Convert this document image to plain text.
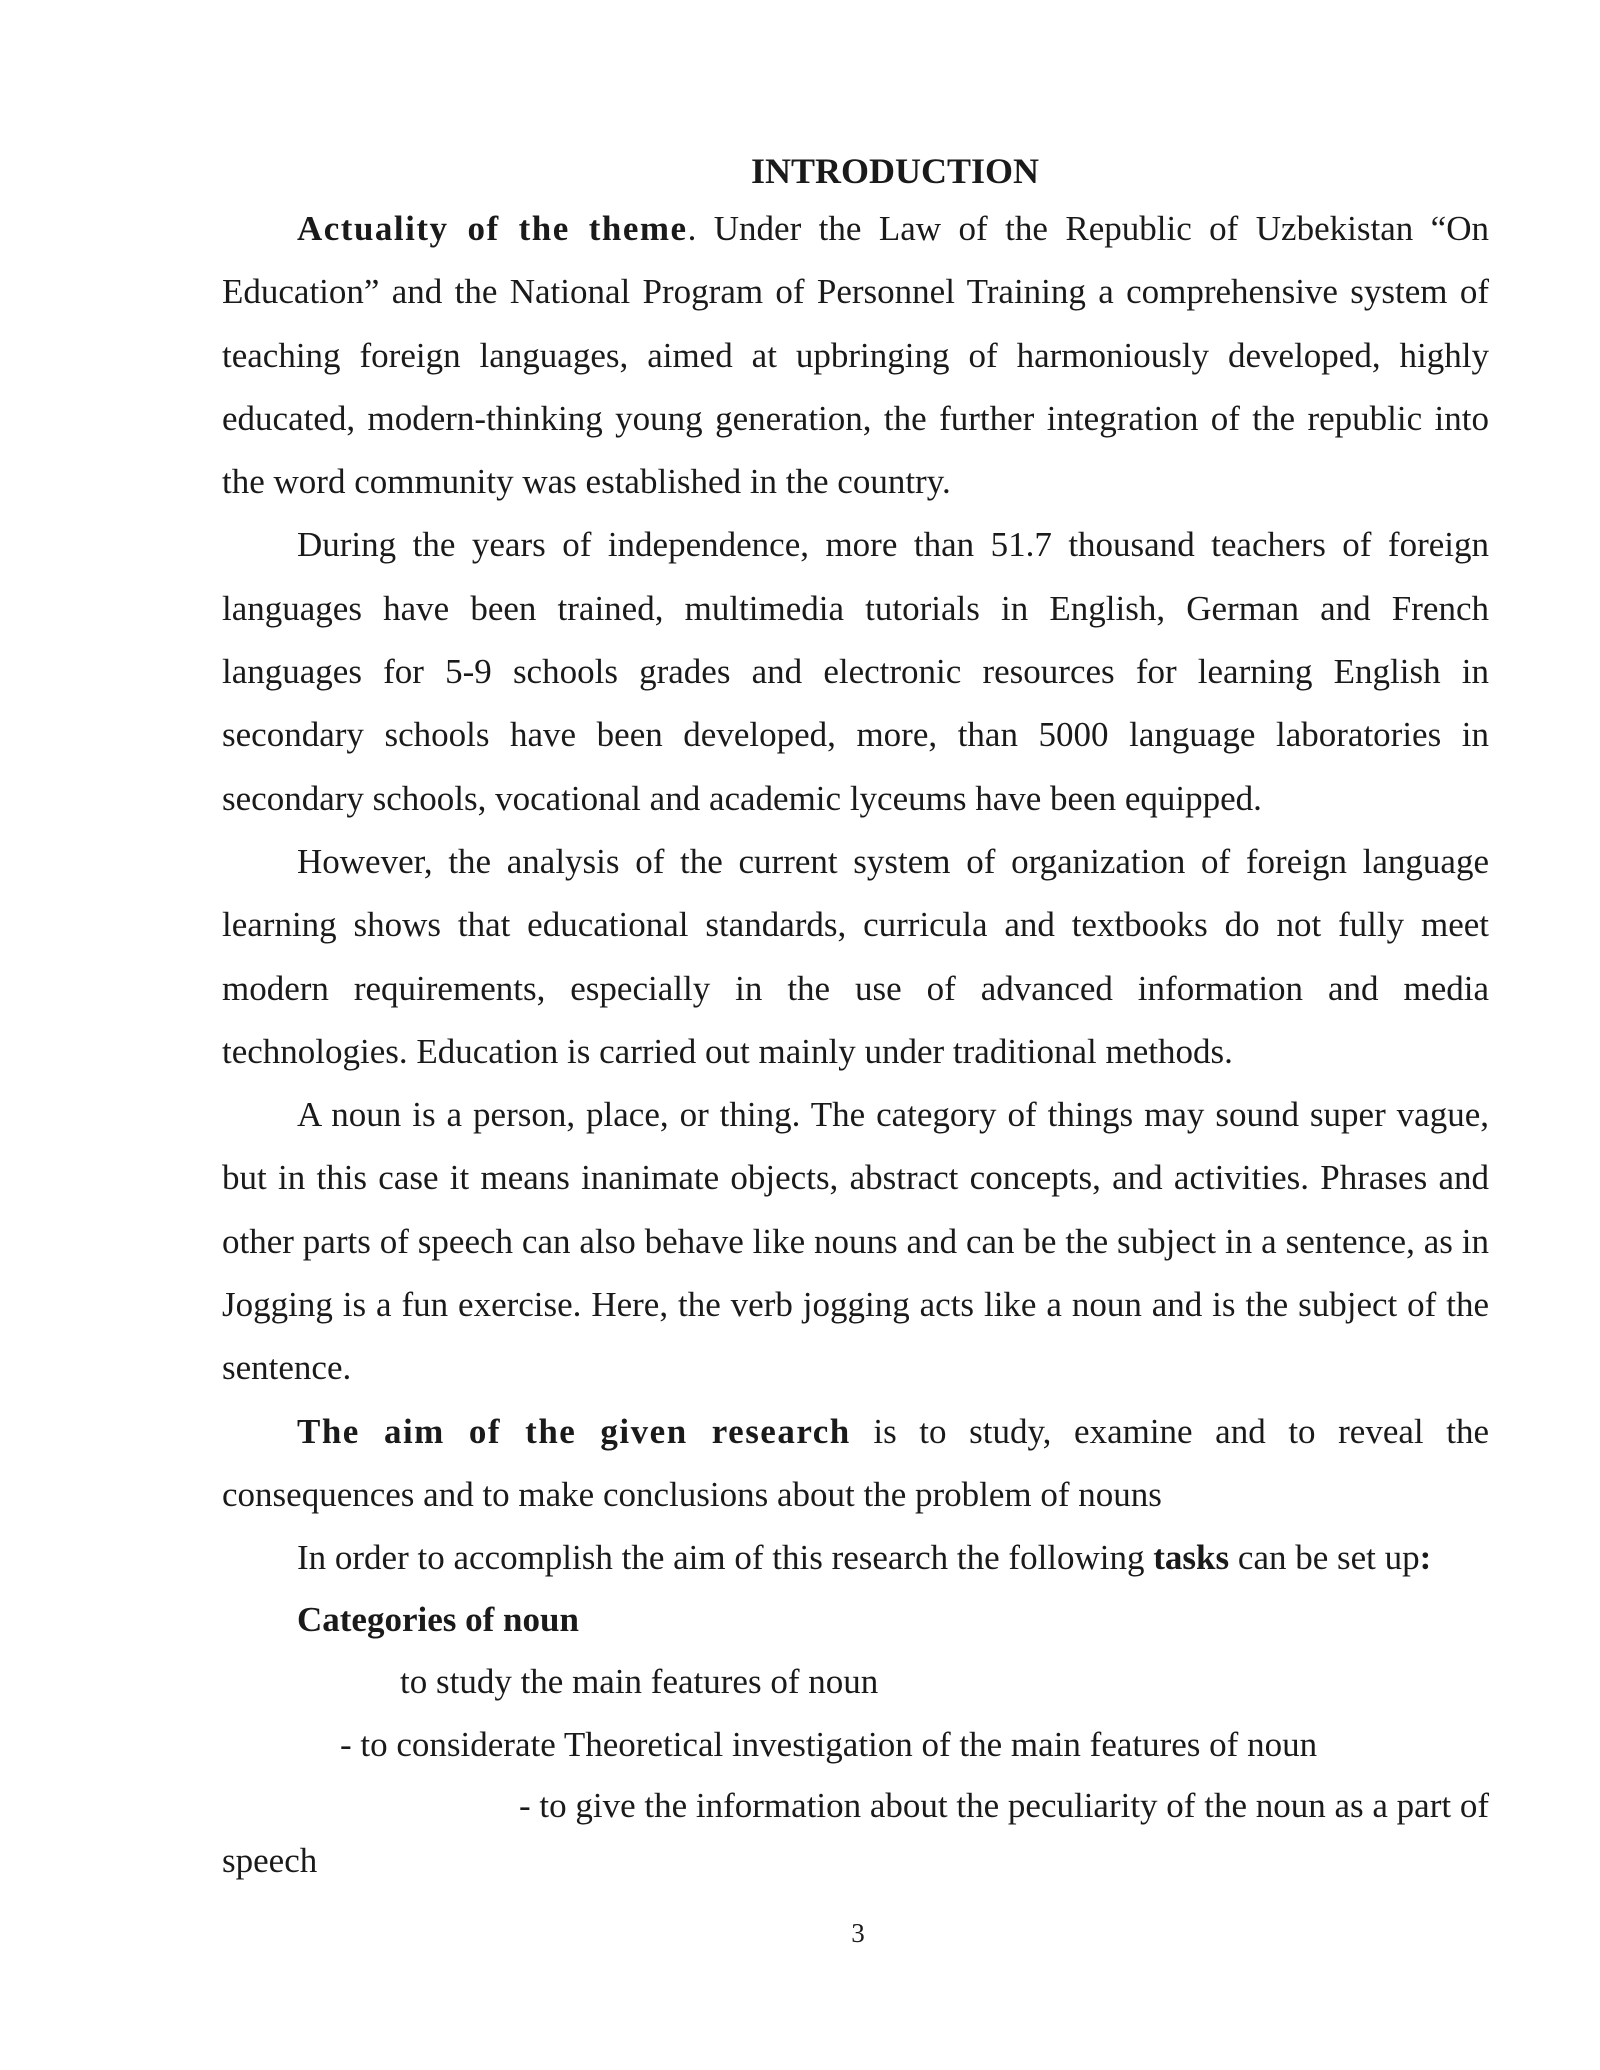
INTRODUCTION

Actuality of the theme. Under the Law of the Republic of Uzbekistan “On Education” and the National Program of Personnel Training a comprehensive system of teaching foreign languages, aimed at upbringing of harmoniously developed, highly educated, modern-thinking young generation, the further integration of the republic into the word community was established in the country.

During the years of independence, more than 51.7 thousand teachers of foreign languages have been trained, multimedia tutorials in English, German and French languages for 5-9 schools grades and electronic resources for learning English in secondary schools have been developed, more, than 5000 language laboratories in secondary schools, vocational and academic lyceums have been equipped.

However, the analysis of the current system of organization of foreign language learning shows that educational standards, curricula and textbooks do not fully meet modern requirements, especially in the use of advanced information and media technologies. Education is carried out mainly under traditional methods.

A noun is a person, place, or thing. The category of things may sound super vague, but in this case it means inanimate objects, abstract concepts, and activities. Phrases and other parts of speech can also behave like nouns and can be the subject in a sentence, as in Jogging is a fun exercise. Here, the verb jogging acts like a noun and is the subject of the sentence.

The aim of the given research is to study, examine and to reveal the consequences and to make conclusions about the problem of nouns

In order to accomplish the aim of this research the following tasks can be set up:

Categories of noun

to study the main features of noun

- to considerate Theoretical investigation of the main features of noun

- to give the information about the peculiarity of the noun as a part of

speech

3
